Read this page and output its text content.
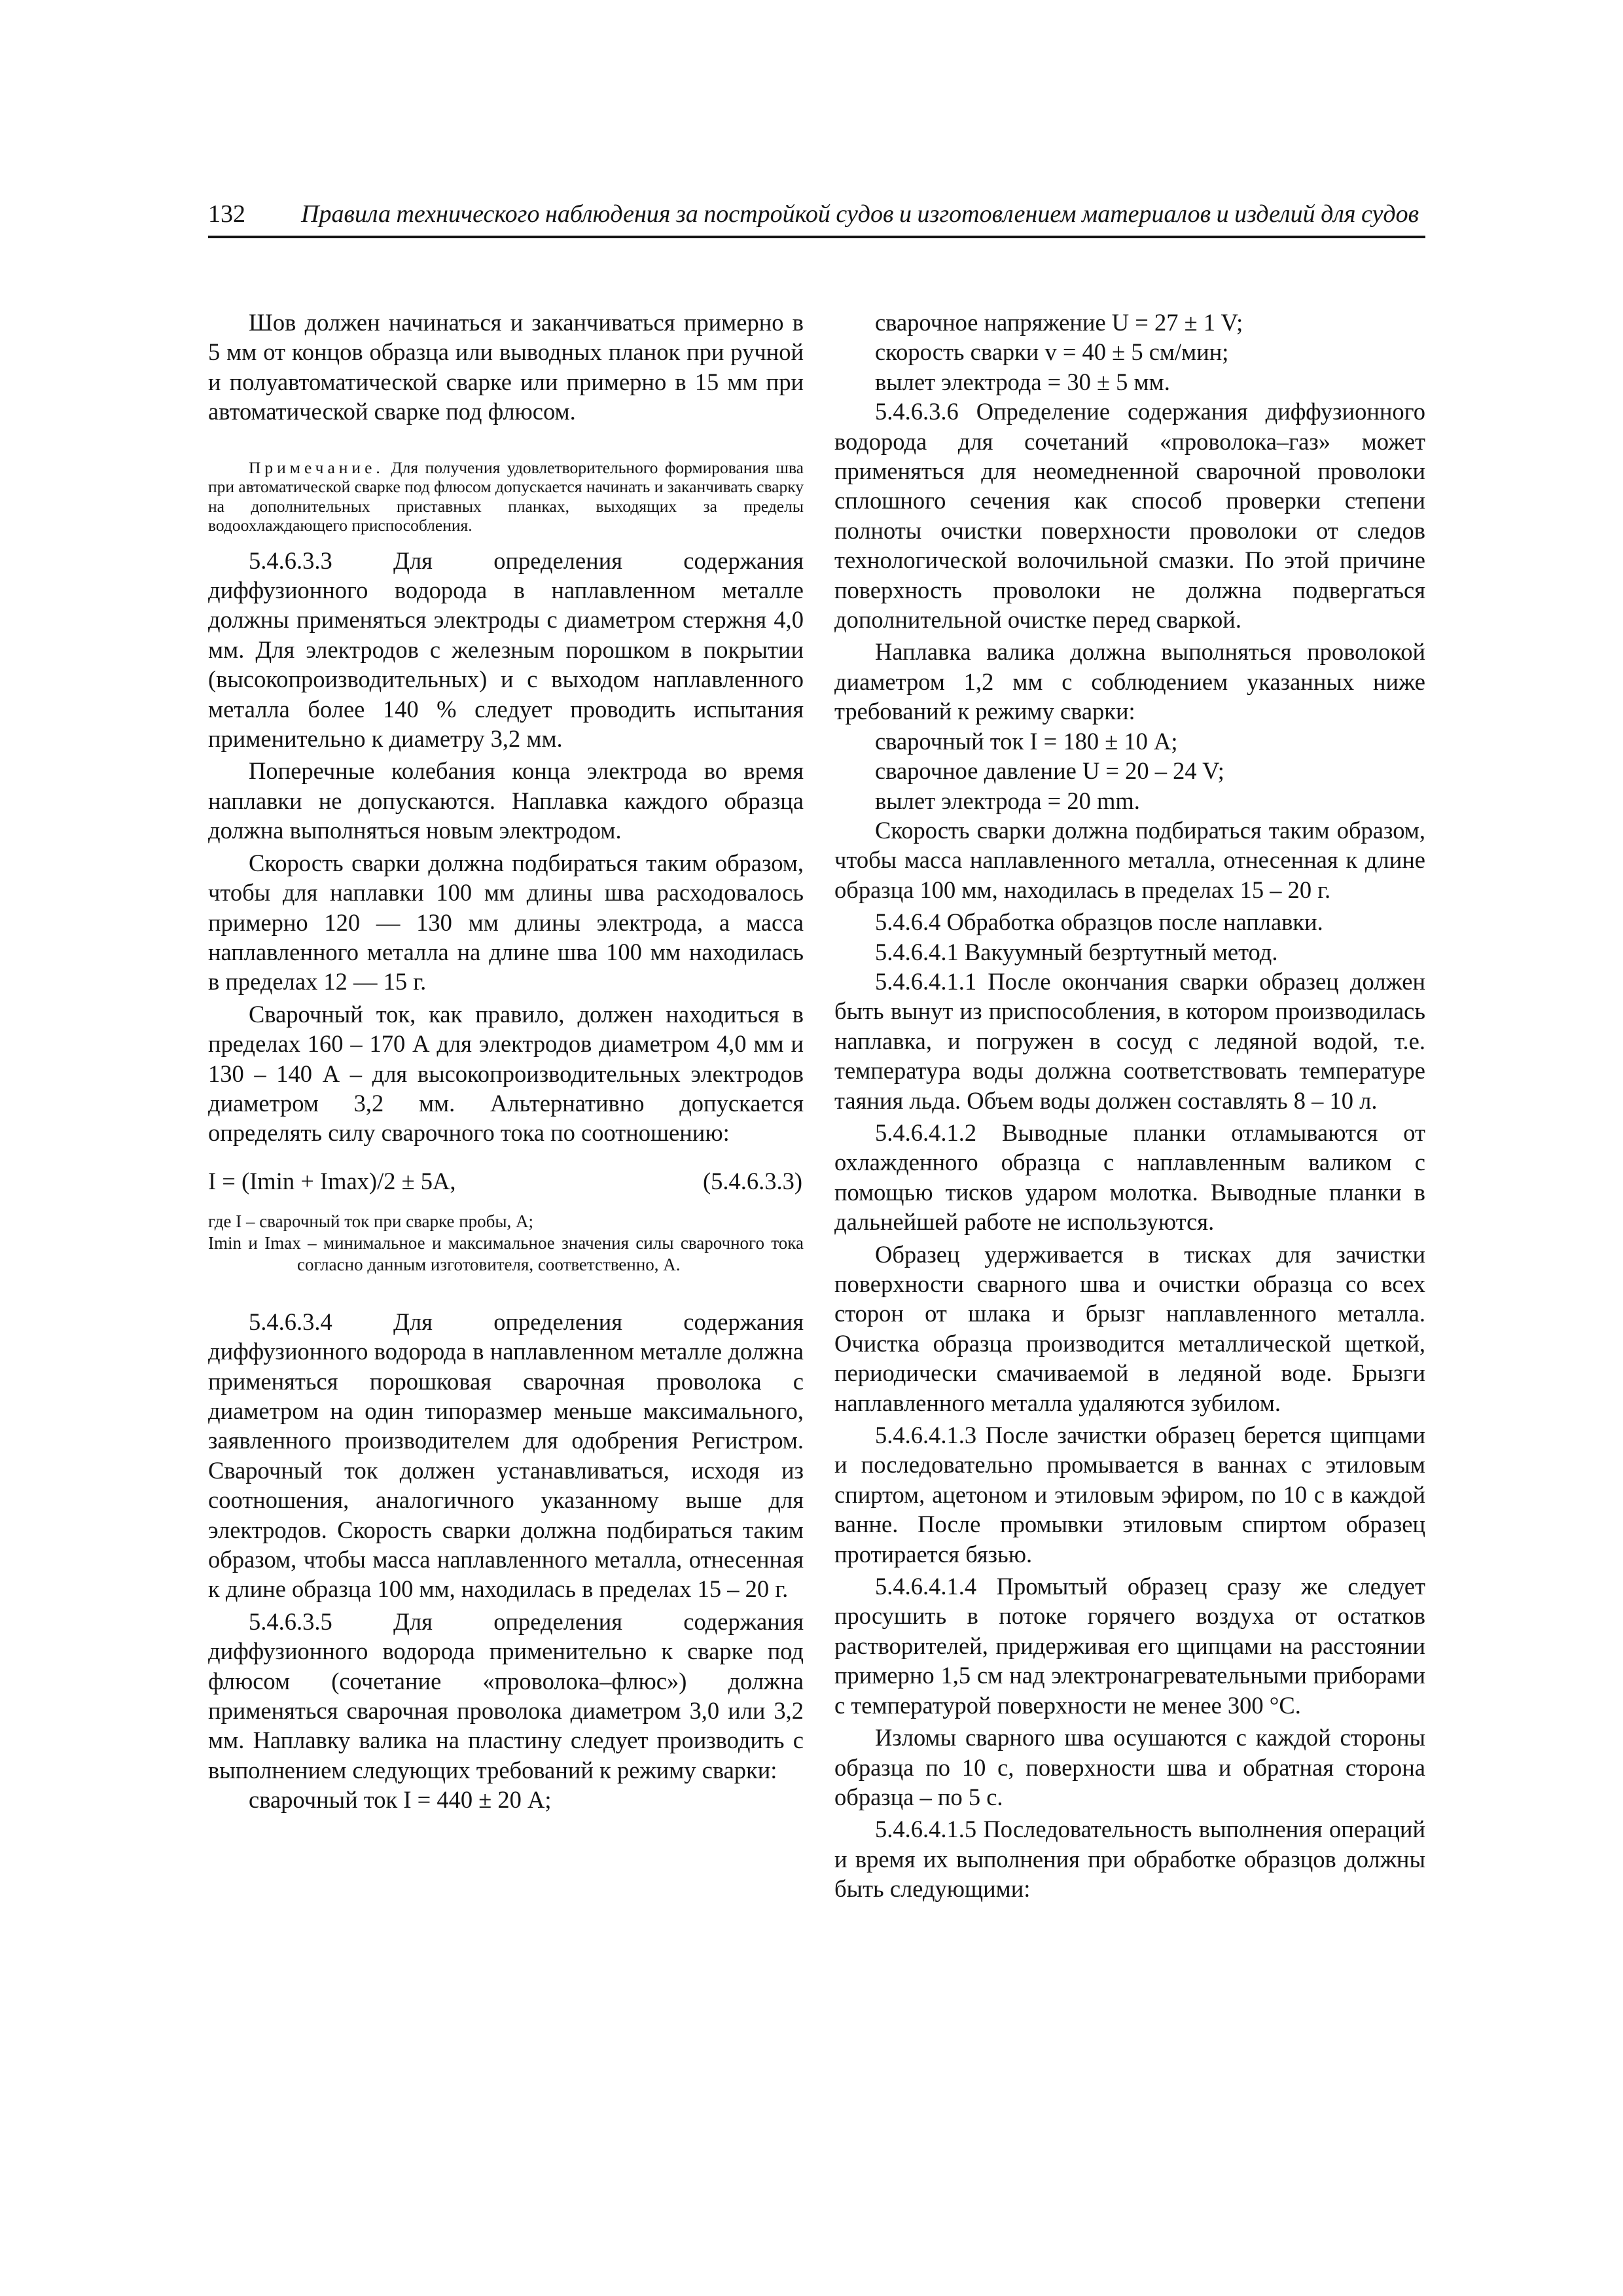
132 Правила технического наблюдения за постройкой судов и изготовлением материалов и изделий для судов

Шов должен начинаться и заканчиваться примерно в 5 мм от концов образца или выводных планок при ручной и полуавтоматической сварке или примерно в 15 мм при автоматической сварке под флюсом.

Примечание. Для получения удовлетворительного формирования шва при автоматической сварке под флюсом допускается начинать и заканчивать сварку на дополнительных приставных планках, выходящих за пределы водоохлаждающего приспособления.

5.4.6.3.3 Для определения содержания диффузионного водорода в наплавленном металле должны применяться электроды с диаметром стержня 4,0 мм. Для электродов с железным порошком в покрытии (высокопроизводительных) и с выходом наплавленного металла более 140 % следует проводить испытания применительно к диаметру 3,2 мм.

Поперечные колебания конца электрода во время наплавки не допускаются. Наплавка каждого образца должна выполняться новым электродом.

Скорость сварки должна подбираться таким образом, чтобы для наплавки 100 мм длины шва расходовалось примерно 120 — 130 мм длины электрода, а масса наплавленного металла на длине шва 100 мм находилась в пределах 12 — 15 г.

Сварочный ток, как правило, должен находиться в пределах 160 – 170 А для электродов диаметром 4,0 мм и 130 – 140 А – для высокопроизводительных электродов диаметром 3,2 мм. Альтернативно допускается определять силу сварочного тока по соотношению:

I = (Imin + Imax)/2 ± 5A,	(5.4.6.3.3)

где I – сварочный ток при сварке пробы, А;

Imin и Imax – минимальное и максимальное значения силы сварочного тока согласно данным изготовителя, соответственно, А.

5.4.6.3.4 Для определения содержания диффузионного водорода в наплавленном металле должна применяться порошковая сварочная проволока с диаметром на один типоразмер меньше максимального, заявленного производителем для одобрения Регистром. Сварочный ток должен устанавливаться, исходя из соотношения, аналогичного указанному выше для электродов. Скорость сварки должна подбираться таким образом, чтобы масса наплавленного металла, отнесенная к длине образца 100 мм, находилась в пределах 15 – 20 г.

5.4.6.3.5 Для определения содержания диффузионного водорода применительно к сварке под флюсом (сочетание «проволока–флюс») должна применяться сварочная проволока диаметром 3,0 или 3,2 мм. Наплавку валика на пластину следует производить с выполнением следующих требований к режиму сварки:

сварочный ток I = 440 ± 20 А;

сварочное напряжение U = 27 ± 1 V;

скорость сварки v = 40 ± 5 см/мин;

вылет электрода = 30 ± 5 мм.

5.4.6.3.6 Определение содержания диффузионного водорода для сочетаний «проволока–газ» может применяться для неомедненной сварочной проволоки сплошного сечения как способ проверки степени полноты очистки поверхности проволоки от следов технологической волочильной смазки. По этой причине поверхность проволоки не должна подвергаться дополнительной очистке перед сваркой.

Наплавка валика должна выполняться проволокой диаметром 1,2 мм с соблюдением указанных ниже требований к режиму сварки:

сварочный ток I = 180 ± 10 А;

сварочное давление U = 20 – 24 V;

вылет электрода = 20 mm.

Скорость сварки должна подбираться таким образом, чтобы масса наплавленного металла, отнесенная к длине образца 100 мм, находилась в пределах 15 – 20 г.

5.4.6.4 Обработка образцов после наплавки.

5.4.6.4.1 Вакуумный безртутный метод.

5.4.6.4.1.1 После окончания сварки образец должен быть вынут из приспособления, в котором производилась наплавка, и погружен в сосуд с ледяной водой, т.е. температура воды должна соответствовать температуре таяния льда. Объем воды должен составлять 8 – 10 л.

5.4.6.4.1.2 Выводные планки отламываются от охлажденного образца с наплавленным валиком с помощью тисков ударом молотка. Выводные планки в дальнейшей работе не используются.

Образец удерживается в тисках для зачистки поверхности сварного шва и очистки образца со всех сторон от шлака и брызг наплавленного металла. Очистка образца производится металлической щеткой, периодически смачиваемой в ледяной воде. Брызги наплавленного металла удаляются зубилом.

5.4.6.4.1.3 После зачистки образец берется щипцами и последовательно промывается в ваннах с этиловым спиртом, ацетоном и этиловым эфиром, по 10 с в каждой ванне. После промывки этиловым спиртом образец протирается бязью.

5.4.6.4.1.4 Промытый образец сразу же следует просушить в потоке горячего воздуха от остатков растворителей, придерживая его щипцами на расстоянии примерно 1,5 см над электронагревательными приборами с температурой поверхности не менее 300 °С.

Изломы сварного шва осушаются с каждой стороны образца по 10 с, поверхности шва и обратная сторона образца – по 5 с.

5.4.6.4.1.5 Последовательность выполнения операций и время их выполнения при обработке образцов должны быть следующими:
